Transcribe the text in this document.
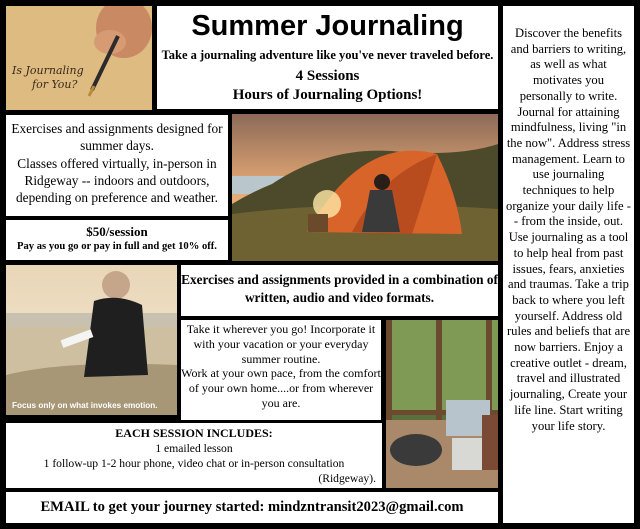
Is Journaling
for You?
Summer Journaling
Take a journaling adventure like you've never traveled before.
4 Sessions
Hours of Journaling Options!
Discover the benefits and barriers to writing, as well as what motivates you personally to write. Journal for attaining mindfulness, living "in the now". Address stress management. Learn to use journaling techniques to help organize your daily life -- from the inside, out. Use journaling as a tool to help heal from past issues, fears, anxieties and traumas. Take a trip back to where you left yourself. Address old rules and beliefs that are now barriers. Enjoy a creative outlet - dream, travel and illustrated journaling, Create your life line. Start writing your life story.
Exercises and assignments designed for summer days.
Classes offered virtually, in-person in Ridgeway -- indoors and outdoors, depending on preference and weather.
$50/session
Pay as you go or pay in full and get 10% off.
Focus only on what invokes emotion.
Exercises and assignments provided in a combination of written, audio and video formats.
Take it wherever you go! Incorporate it with your vacation or your everyday summer routine.
Work at your own pace, from the comfort of your own home....or from wherever you are.
EACH SESSION INCLUDES:
1 emailed lesson
1 follow-up 1-2 hour phone, video chat or in-person consultation
(Ridgeway).
EMAIL to get your journey started: mindzntransit2023@gmail.com
